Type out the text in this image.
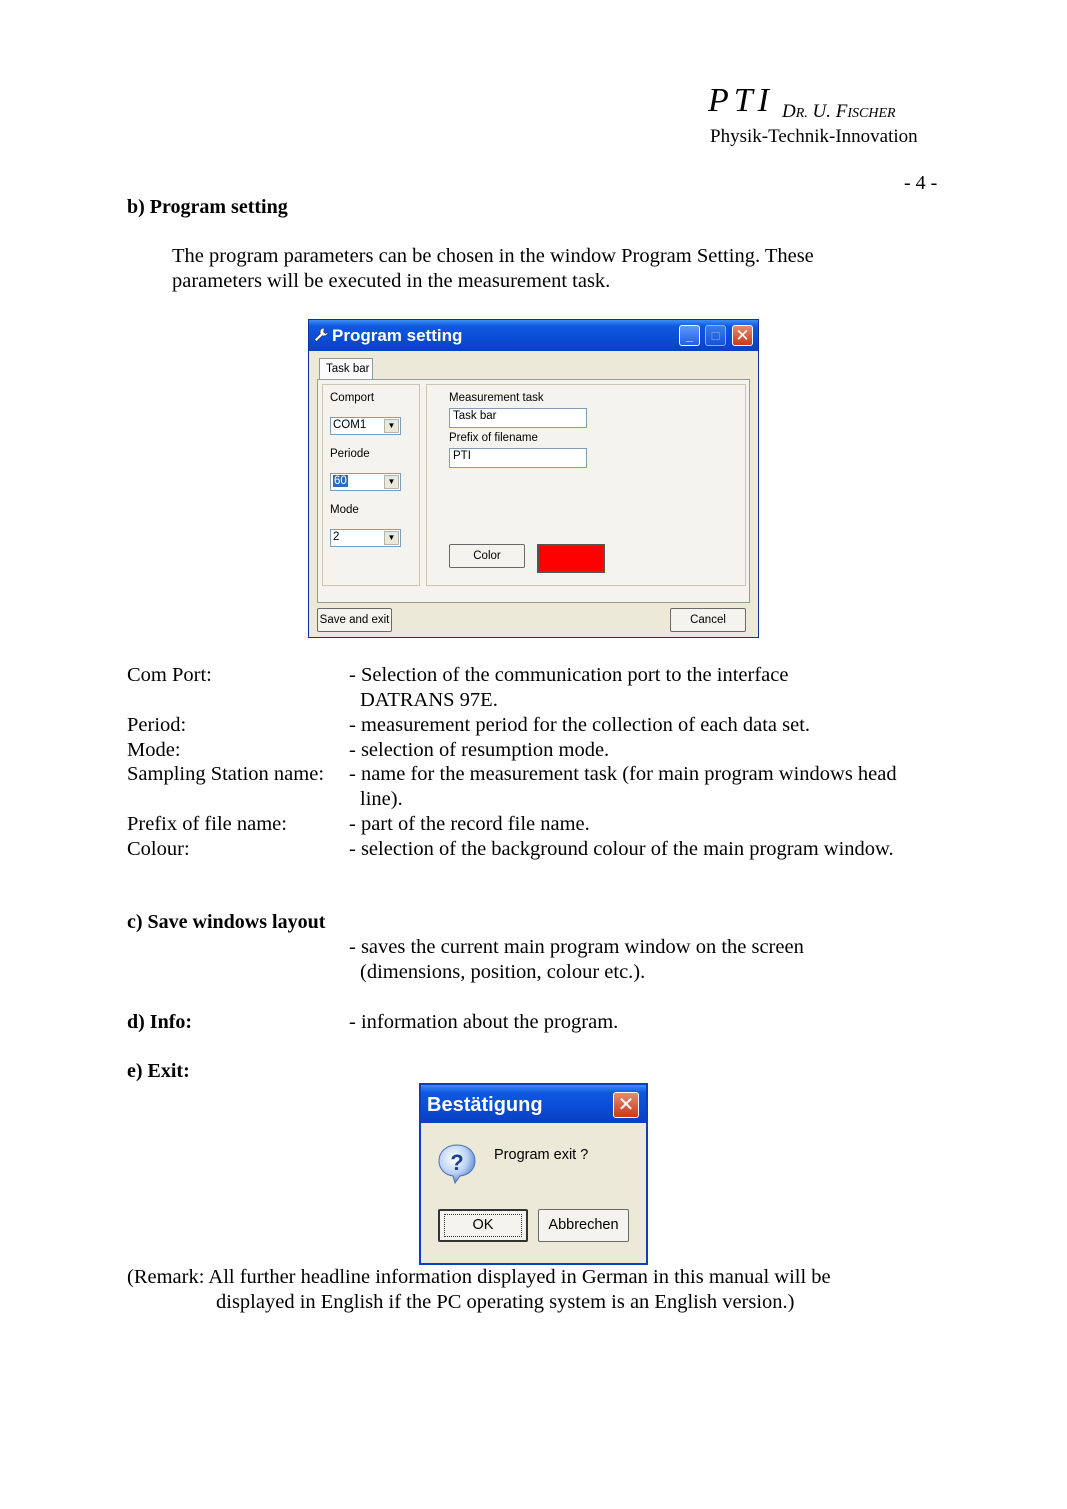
PTI DR. U. FISCHER
Physik-Technik-Innovation
- 4 -
b) Program setting
The program parameters can be chosen in the window Program Setting. These
parameters will be executed in the measurement task.
Program setting	_	□ ✕
Task bar
Comport
COM1	▼
Periode
60	▼
Mode
2	▼
Measurement task
Task bar
Prefix of filename
PTI
Color
Save and exit	Cancel
Com Port:	- Selection of the communication port to the interface
DATRANS 97E.
Period:	- measurement period for the collection of each data set.
Mode:	- selection of resumption mode.
Sampling Station name: - name for the measurement task (for main program windows head
line).
Prefix of file name:	- part of the record file name.
Colour:	- selection of the background colour of the main program window.
c) Save windows layout
- saves the current main program window on the screen
(dimensions, position, colour etc.).
d) Info:	- information about the program.
e) Exit:
Bestätigung	✕
? Program exit ?
OK	Abbrechen
(Remark: All further headline information displayed in German in this manual will be
displayed in English if the PC operating system is an English version.)
